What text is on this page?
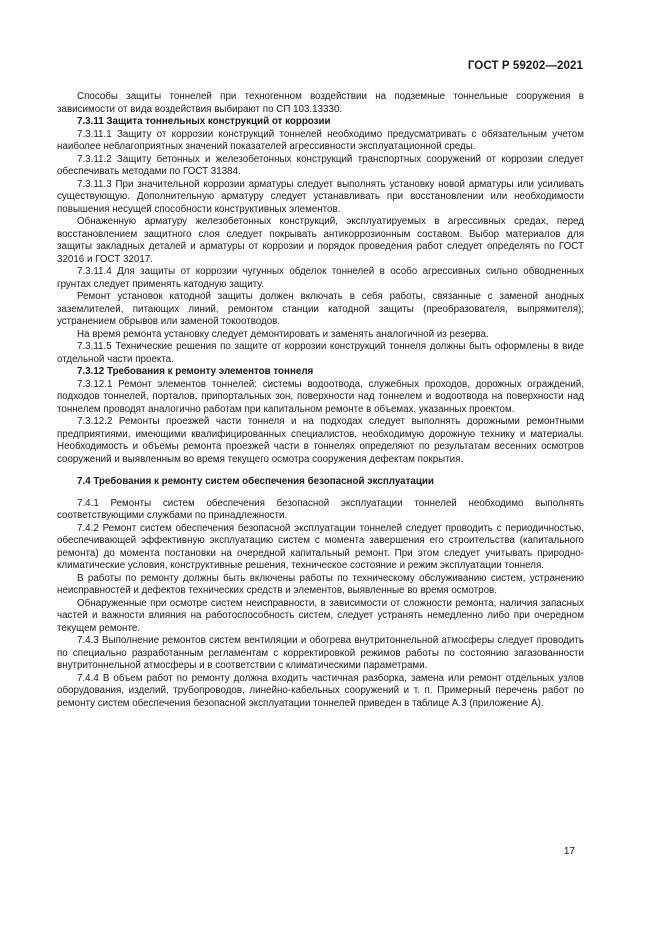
ГОСТ Р 59202—2021

Способы защиты тоннелей при техногенном воздействии на подземные тоннельные сооружения в зависимости от вида воздействия выбирают по СП 103.13330.

7.3.11 Защита тоннельных конструкций от коррозии

7.3.11.1 Защиту от коррозии конструкций тоннелей необходимо предусматривать с обязательным учетом наиболее неблагоприятных значений показателей агрессивности эксплуатационной среды.

7.3.11.2 Защиту бетонных и железобетонных конструкций транспортных сооружений от коррозии следует обеспечивать методами по ГОСТ 31384.

7.3.11.3 При значительной коррозии арматуры следует выполнять установку новой арматуры или усиливать существующую. Дополнительную арматуру следует устанавливать при восстановлении или необходимости повышения несущей способности конструктивных элементов.

Обнаженную арматуру железобетонных конструкций, эксплуатируемых в агрессивных средах, перед восстановлением защитного слоя следует покрывать антикоррозионным составом. Выбор материалов для защиты закладных деталей и арматуры от коррозии и порядок проведения работ следует определять по ГОСТ 32016 и ГОСТ 32017.

7.3.11.4 Для защиты от коррозии чугунных обделок тоннелей в особо агрессивных сильно обводненных грунтах следует применять катодную защиту.

Ремонт установок катодной защиты должен включать в себя работы, связанные с заменой анодных заземлителей, питающих линий, ремонтом станции катодной защиты (преобразователя, выпрямителя); устранением обрывов или заменой токоотводов.

На время ремонта установку следует демонтировать и заменять аналогичной из резерва.

7.3.11.5 Технические решения по защите от коррозии конструкций тоннеля должны быть оформлены в виде отдельной части проекта.

7.3.12 Требования к ремонту элементов тоннеля

7.3.12.1 Ремонт элементов тоннелей: системы водоотвода, служебных проходов, дорожных ограждений, подходов тоннелей, порталов, припортальных зон, поверхности над тоннелем и водоотвода на поверхности над тоннелем проводят аналогично работам при капитальном ремонте в объемах, указанных проектом.

7.3.12.2 Ремонты проезжей части тоннеля и на подходах следует выполнять дорожными ремонтными предприятиями, имеющими квалифицированных специалистов, необходимую дорожную технику и материалы. Необходимость и объемы ремонта проезжей части в тоннелях определяют по результатам весенних осмотров сооружений и выявленным во время текущего осмотра сооружения дефектам покрытия.

7.4 Требования к ремонту систем обеспечения безопасной эксплуатации

7.4.1 Ремонты систем обеспечения безопасной эксплуатации тоннелей необходимо выполнять соответствующими службами по принадлежности.

7.4.2 Ремонт систем обеспечения безопасной эксплуатации тоннелей следует проводить с периодичностью, обеспечивающей эффективную эксплуатацию систем с момента завершения его строительства (капитального ремонта) до момента постановки на очередной капитальный ремонт. При этом следует учитывать природно-климатические условия, конструктивные решения, техническое состояние и режим эксплуатации тоннеля.

В работы по ремонту должны быть включены работы по техническому обслуживанию систем, устранению неисправностей и дефектов технических средств и элементов, выявленные во время осмотров.

Обнаруженные при осмотре систем неисправности, в зависимости от сложности ремонта, наличия запасных частей и важности влияния на работоспособность систем, следует устранять немедленно либо при очередном текущем ремонте.

7.4.3 Выполнение ремонтов систем вентиляции и обогрева внутритоннельной атмосферы следует проводить по специально разработанным регламентам с корректировкой режимов работы по состоянию загазованности внутритоннельной атмосферы и в соответствии с климатическими параметрами.

7.4.4 В объем работ по ремонту должна входить частичная разборка, замена или ремонт отдельных узлов оборудования, изделий, трубопроводов, линейно-кабельных сооружений и т. п. Примерный перечень работ по ремонту систем обеспечения безопасной эксплуатации тоннелей приведен в таблице А.3 (приложение А).

17
